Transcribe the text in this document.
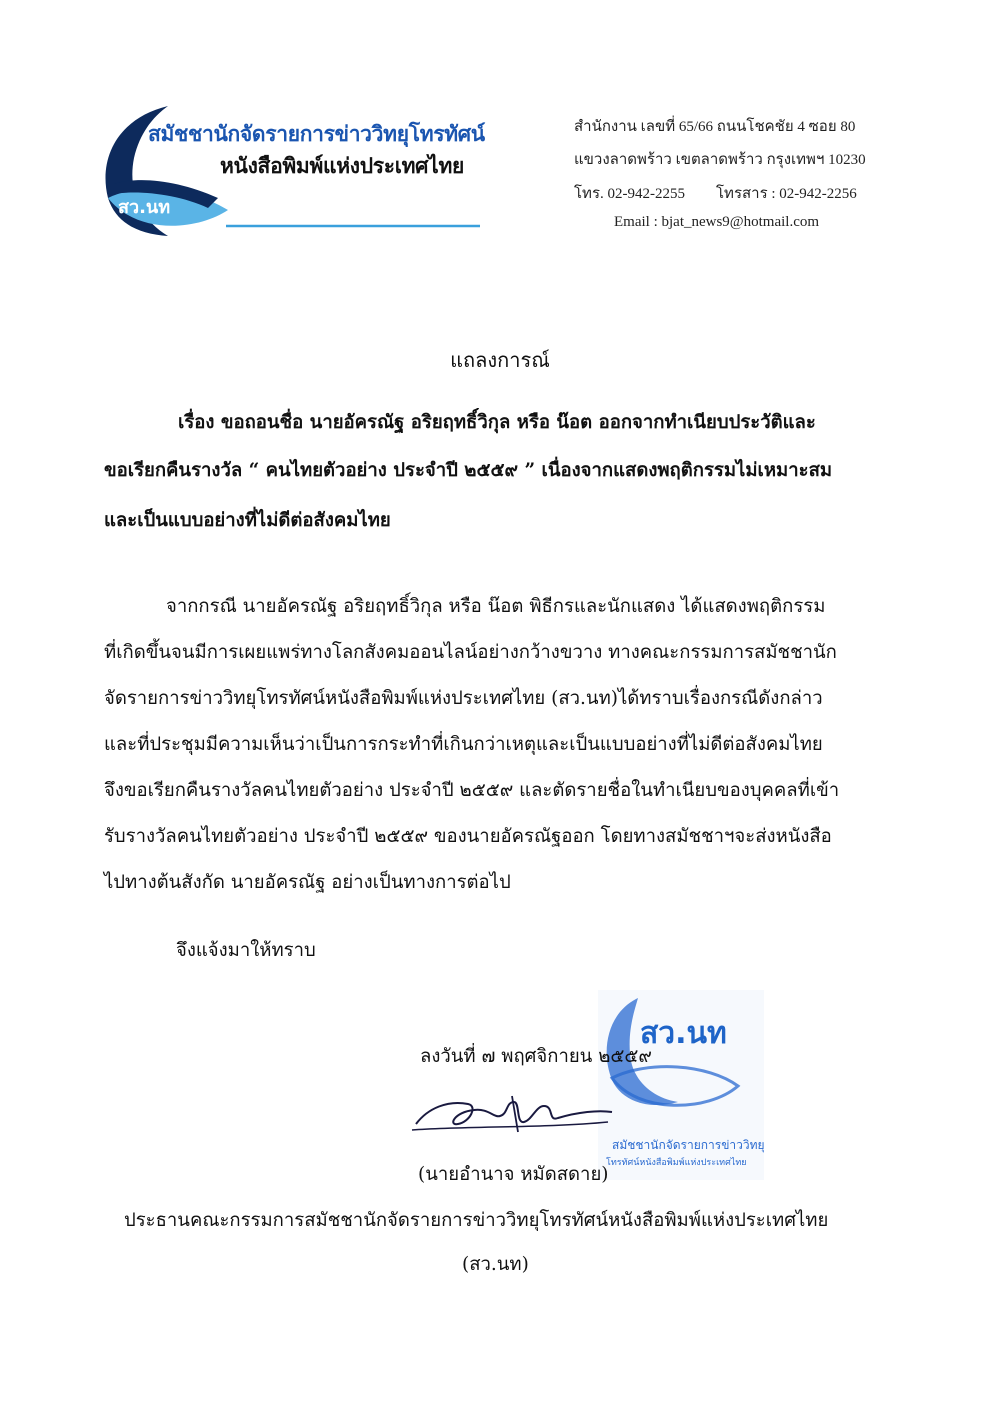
สมัชชานักจัดรายการข่าววิทยุโทรทัศน์
หนังสือพิมพ์แห่งประเทศไทย
สว.นท
สำนักงาน เลขที่ 65/66 ถนนโชคชัย 4 ซอย 80
แขวงลาดพร้าว เขตลาดพร้าว กรุงเทพฯ 10230
โทร. 02-942-2255 โทรสาร : 02-942-2256
Email : bjat_news9@hotmail.com
แถลงการณ์
เรื่อง ขอถอนชื่อ นายอัครณัฐ อริยฤทธิ์วิกุล หรือ น๊อต ออกจากทำเนียบประวัติและ
ขอเรียกคืนรางวัล “ คนไทยตัวอย่าง ประจำปี ๒๕๕๙ ” เนื่องจากแสดงพฤติกรรมไม่เหมาะสม
และเป็นแบบอย่างที่ไม่ดีต่อสังคมไทย
จากกรณี นายอัครณัฐ อริยฤทธิ์วิกุล หรือ น๊อต พิธีกรและนักแสดง ได้แสดงพฤติกรรม
ที่เกิดขึ้นจนมีการเผยแพร่ทางโลกสังคมออนไลน์อย่างกว้างขวาง ทางคณะกรรมการสมัชชานัก
จัดรายการข่าววิทยุโทรทัศน์หนังสือพิมพ์แห่งประเทศไทย (สว.นท)ได้ทราบเรื่องกรณีดังกล่าว
และที่ประชุมมีความเห็นว่าเป็นการกระทำที่เกินกว่าเหตุและเป็นแบบอย่างที่ไม่ดีต่อสังคมไทย
จึงขอเรียกคืนรางวัลคนไทยตัวอย่าง ประจำปี ๒๕๕๙ และตัดรายชื่อในทำเนียบของบุคคลที่เข้า
รับรางวัลคนไทยตัวอย่าง ประจำปี ๒๕๕๙ ของนายอัครณัฐออก โดยทางสมัชชาฯจะส่งหนังสือ
ไปทางต้นสังกัด นายอัครณัฐ อย่างเป็นทางการต่อไป
จึงแจ้งมาให้ทราบ
สว.นท
สมัชชานักจัดรายการข่าววิทยุ
โทรทัศน์หนังสือพิมพ์แห่งประเทศไทย
ลงวันที่ ๗ พฤศจิกายน ๒๕๕๙
(นายอำนาจ หมัดสดาย)
ประธานคณะกรรมการสมัชชานักจัดรายการข่าววิทยุโทรทัศน์หนังสือพิมพ์แห่งประเทศไทย
(สว.นท)
